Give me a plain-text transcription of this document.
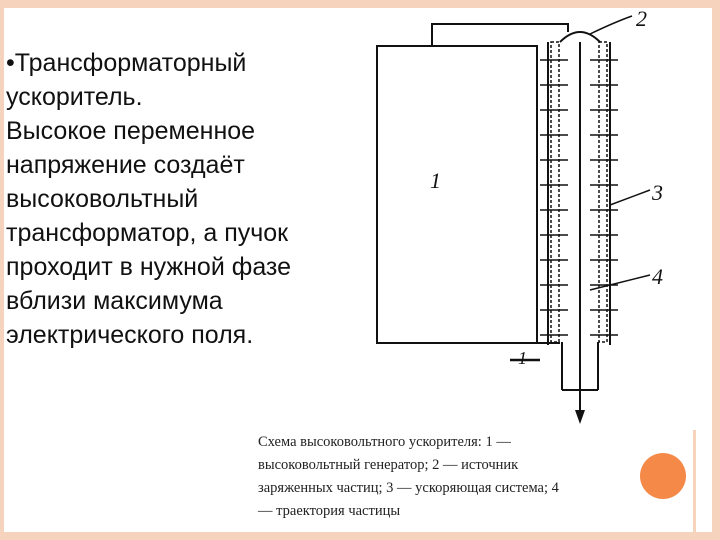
•Трансформаторный
ускоритель.
Высокое переменное
напряжение создаёт
высоковольтный
трансформатор, а пучок
проходит в нужной фазе
вблизи максимума
электрического поля.
1
2
3
4
1
Схема высоковольтного ускорителя: 1 —
высоковольтный генератор; 2 — источник
заряженных частиц; 3 — ускоряющая система; 4
— траектория частицы
